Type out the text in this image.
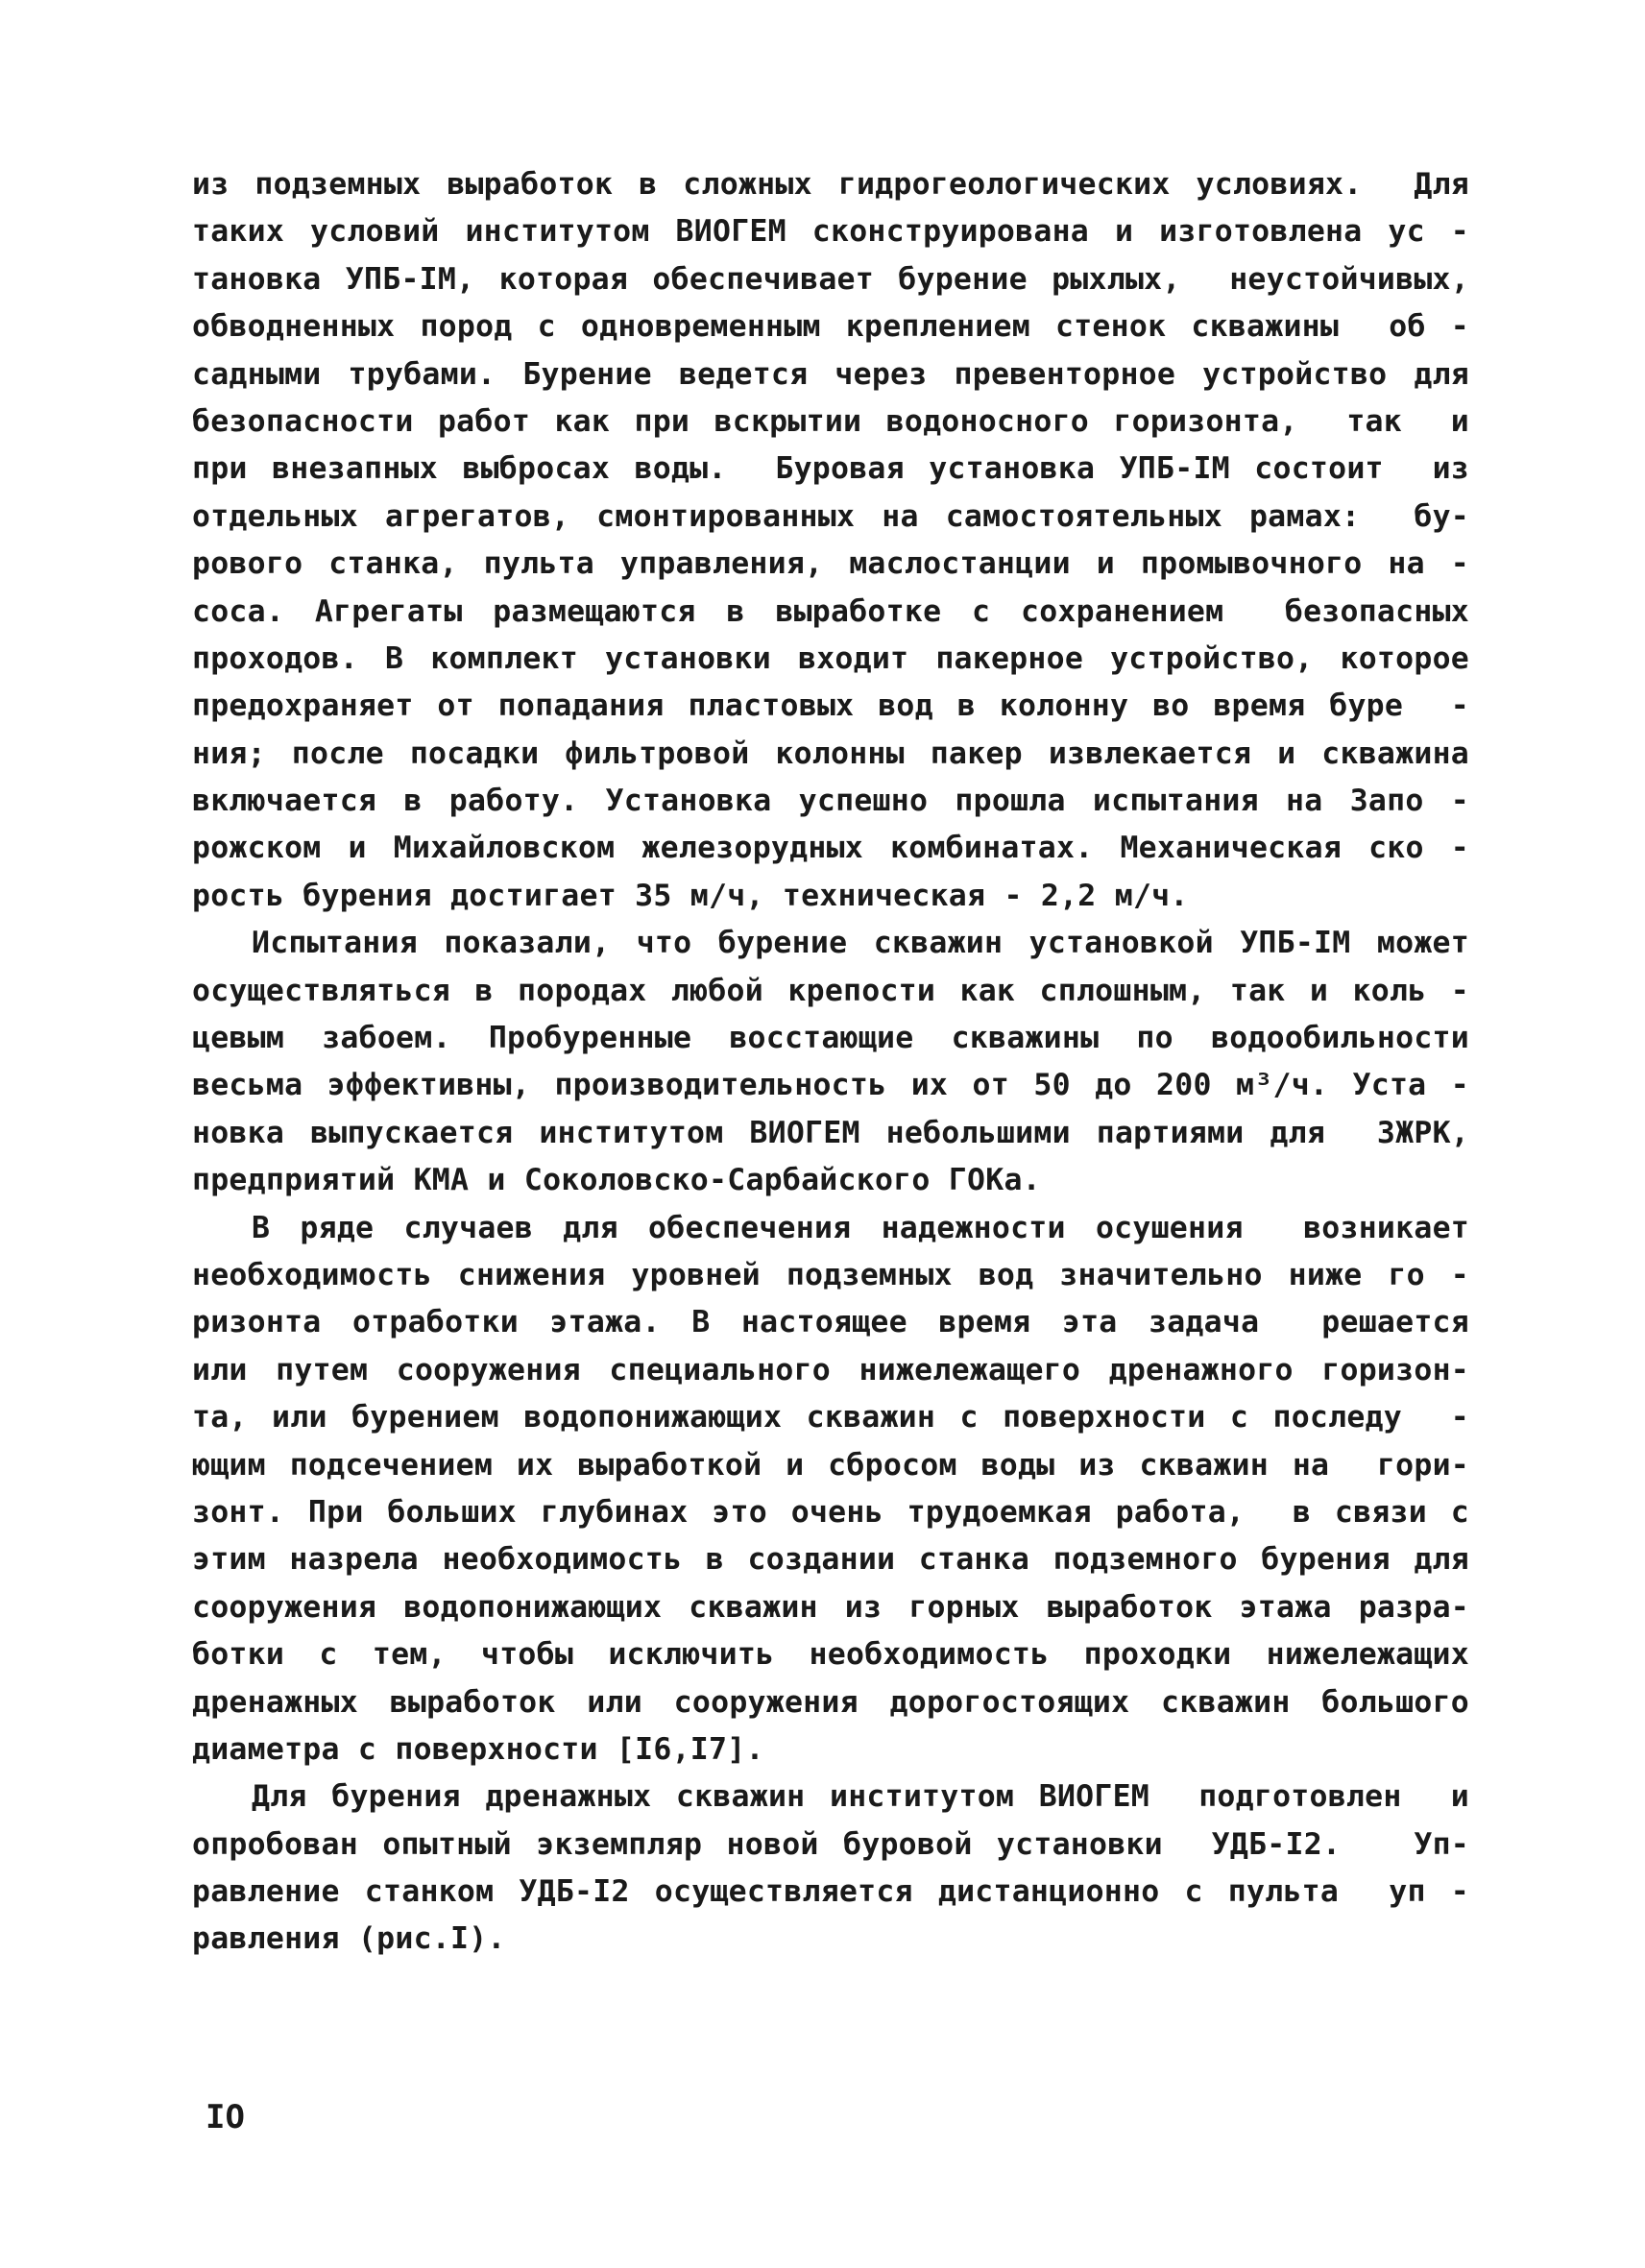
из подземных выработок в сложных гидрогеологических условиях.  Для
таких условий институтом ВИОГЕМ сконструирована и изготовлена ус -
тановка УПБ-IM, которая обеспечивает бурение рыхлых,  неустойчивых,
обводненных пород с одновременным креплением стенок скважины  об -
садными трубами. Бурение ведется через превенторное устройство для
безопасности работ как при вскрытии водоносного горизонта,  так  и
при внезапных выбросах воды.  Буровая установка УПБ-IM состоит  из
отдельных агрегатов, смонтированных на самостоятельных рамах:  бу-
рового станка, пульта управления, маслостанции и промывочного на -
соса. Агрегаты размещаются в выработке с сохранением  безопасных
проходов. В комплект установки входит пакерное устройство, которое
предохраняет от попадания пластовых вод в колонну во время буре  -
ния; после посадки фильтровой колонны пакер извлекается и скважина
включается в работу. Установка успешно прошла испытания на Запо -
рожском и Михайловском железорудных комбинатах. Механическая ско -
рость бурения достигает 35 м/ч, техническая - 2,2 м/ч.
Испытания показали, что бурение скважин установкой УПБ-IM может
осуществляться в породах любой крепости как сплошным, так и коль -
цевым забоем. Пробуренные восстающие скважины по водообильности
весьма эффективны, производительность их от 50 до 200 м³/ч. Уста -
новка выпускается институтом ВИОГЕМ небольшими партиями для  ЗЖРК,
предприятий КМА и Соколовско-Сарбайского ГОКа.
В ряде случаев для обеспечения надежности осушения  возникает
необходимость снижения уровней подземных вод значительно ниже го -
ризонта отработки этажа. В настоящее время эта задача  решается
или путем сооружения специального нижележащего дренажного горизон-
та, или бурением водопонижающих скважин с поверхности с последу  -
ющим подсечением их выработкой и сбросом воды из скважин на  гори-
зонт. При больших глубинах это очень трудоемкая работа,  в связи с
этим назрела необходимость в создании станка подземного бурения для
сооружения водопонижающих скважин из горных выработок этажа разра-
ботки с тем, чтобы исключить необходимость проходки нижележащих
дренажных выработок или сооружения дорогостоящих скважин большого
диаметра с поверхности [I6,I7].
Для бурения дренажных скважин институтом ВИОГЕМ  подготовлен  и
опробован опытный экземпляр новой буровой установки  УДБ-I2.   Уп-
равление станком УДБ-I2 осуществляется дистанционно с пульта  уп -
равления (рис.I).
IO
